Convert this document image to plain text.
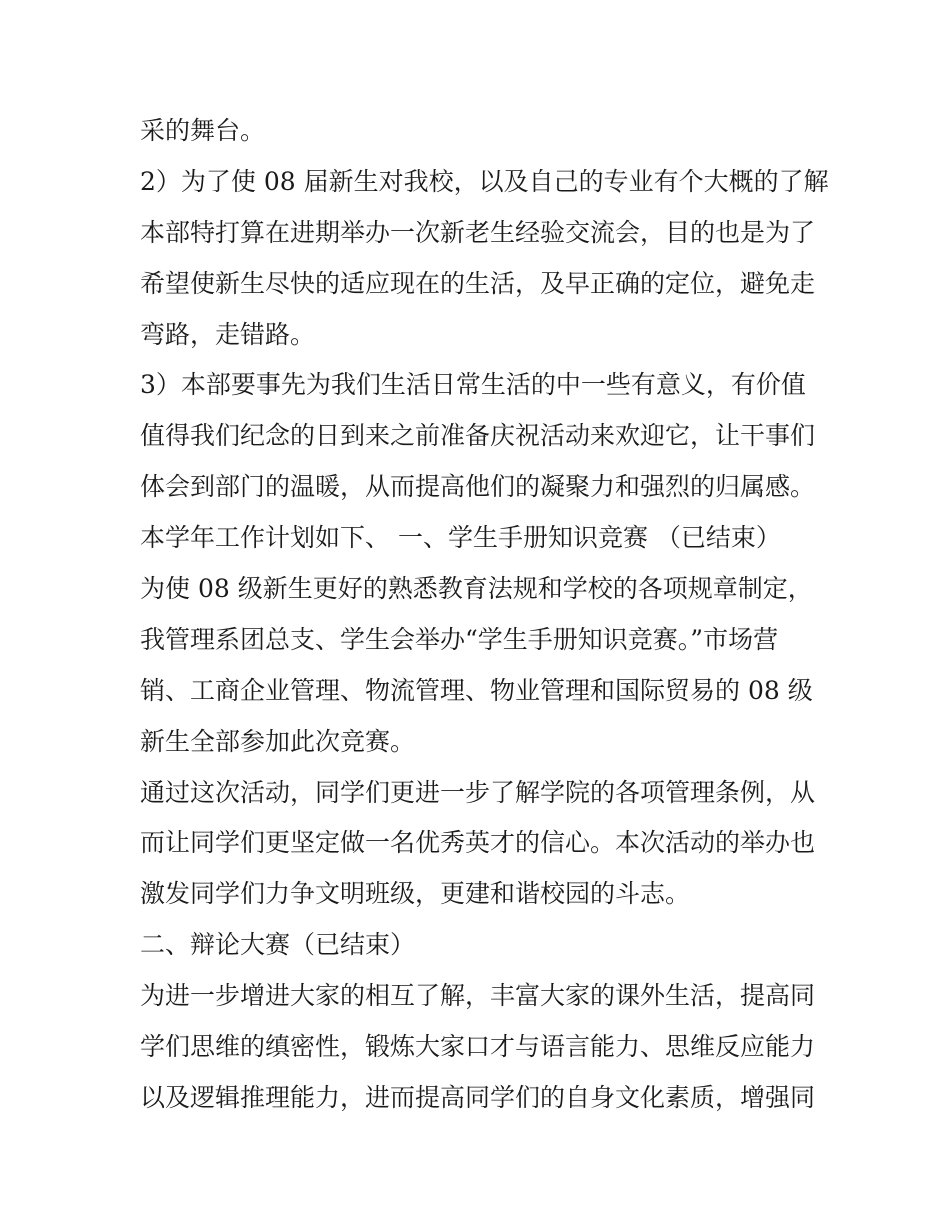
采的舞台。
2）为了使 08 届新生对我校，以及自己的专业有个大概的了解
本部特打算在进期举办一次新老生经验交流会，目的也是为了
希望使新生尽快的适应现在的生活，及早正确的定位，避免走
弯路，走错路。
3）本部要事先为我们生活日常生活的中一些有意义，有价值
值得我们纪念的日到来之前准备庆祝活动来欢迎它，让干事们
体会到部门的温暖，从而提高他们的凝聚力和强烈的归属感。
本学年工作计划如下、 一、学生手册知识竞赛 （已结束）
为使 08 级新生更好的熟悉教育法规和学校的各项规章制定，
我管理系团总支、学生会举办“学生手册知识竞赛。”市场营
销、工商企业管理、物流管理、物业管理和国际贸易的 08 级
新生全部参加此次竞赛。
通过这次活动，同学们更进一步了解学院的各项管理条例，从
而让同学们更坚定做一名优秀英才的信心。本次活动的举办也
激发同学们力争文明班级，更建和谐校园的斗志。
二、辩论大赛（已结束）
为进一步增进大家的相互了解，丰富大家的课外生活，提高同
学们思维的缜密性，锻炼大家口才与语言能力、思维反应能力
以及逻辑推理能力，进而提高同学们的自身文化素质，增强同
